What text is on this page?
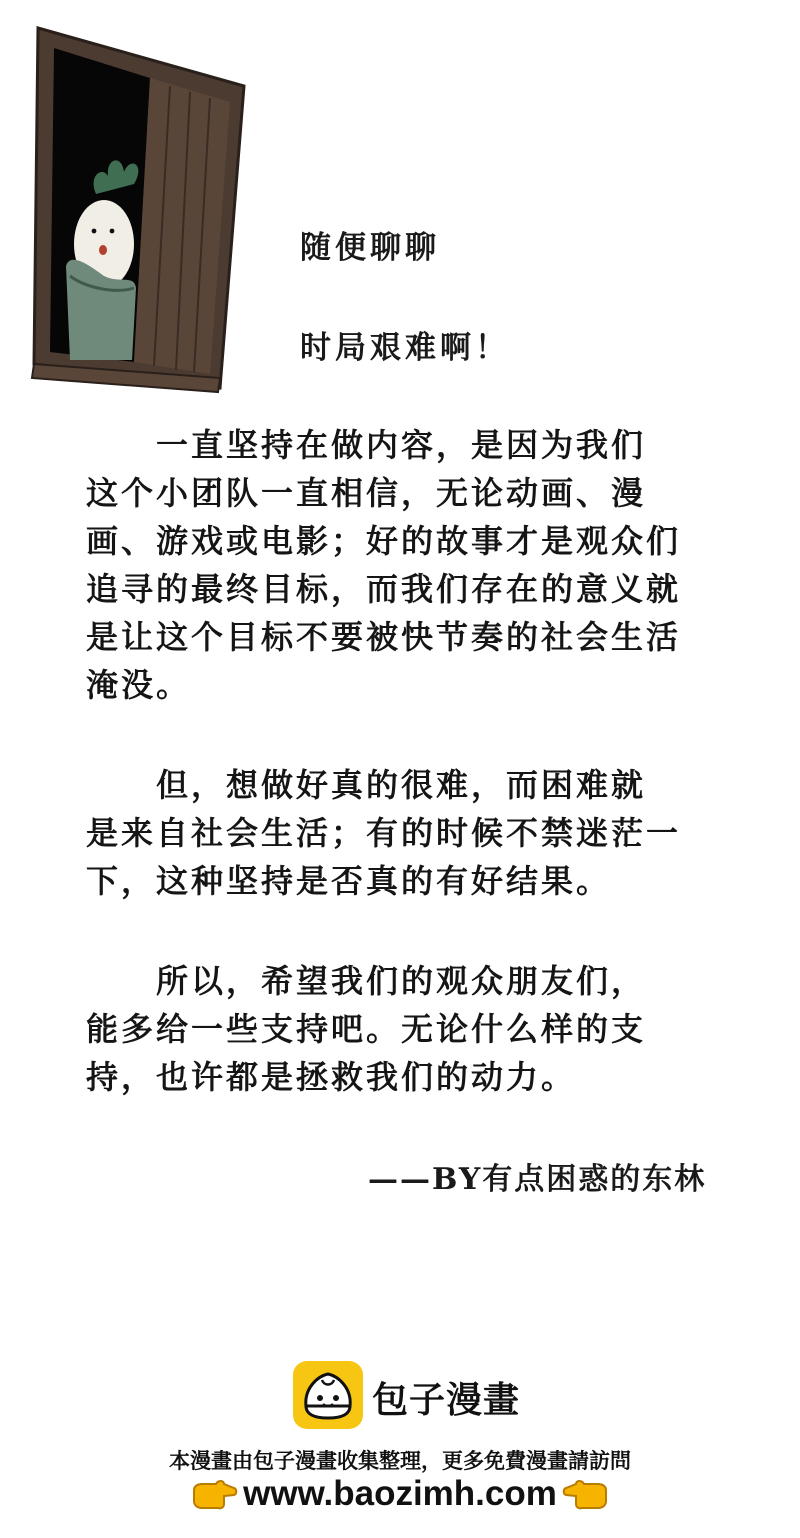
随便聊聊
时局艰难啊！
　　一直坚持在做内容，是因为我们
这个小团队一直相信，无论动画、漫
画、游戏或电影；好的故事才是观众们
追寻的最终目标，而我们存在的意义就
是让这个目标不要被快节奏的社会生活
淹没。
　　但，想做好真的很难，而困难就
是来自社会生活；有的时候不禁迷茫一
下，这种坚持是否真的有好结果。
　　所以，希望我们的观众朋友们，
能多给一些支持吧。无论什么样的支
持，也许都是拯救我们的动力。
——BY有点困惑的东林
包子漫畫
本漫畫由包子漫畫收集整理，更多免費漫畫請訪問
www.baozimh.com
